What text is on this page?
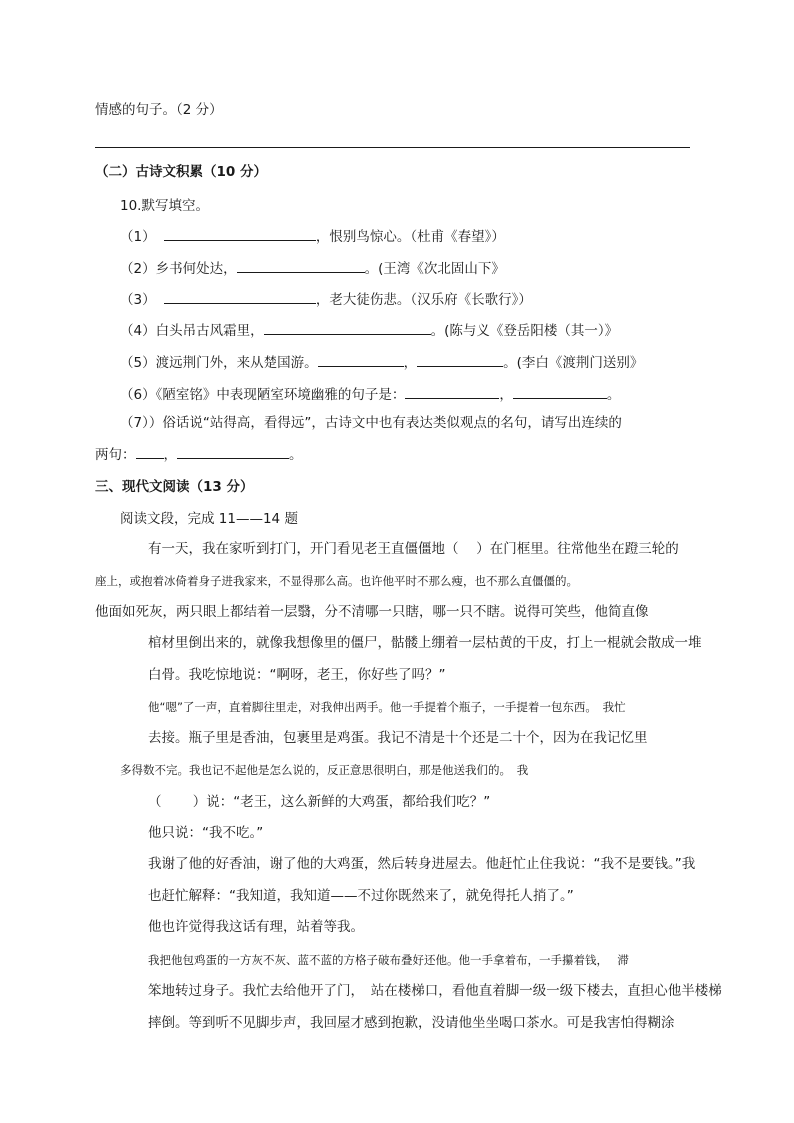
情感的句子。（2 分）
（二）古诗文积累（10 分）
10.默写填空。
（1）	，恨别鸟惊心。（杜甫《春望》）
（2）乡书何处达，	。(王湾《次北固山下》
（3）	，老大徒伤悲。（汉乐府《长歌行》）
（4）白头吊古风霜里，	。(陈与义《登岳阳楼（其一）》
（5）渡远荆门外，来从楚国游。	，	。(李白《渡荆门送别》
（6）《陋室铭》中表现陋室环境幽雅的句子是：	，	。
（7））俗话说“站得高，看得远”，古诗文中也有表达类似观点的名句，请写出连续的
两句： ，	。
三、现代文阅读（13 分）
阅读文段，完成 11——14 题
有一天，我在家听到打门，开门看见老王直僵僵地（　 ）在门框里。往常他坐在蹬三轮的
座上，或抱着冰倚着身子进我家来，不显得那么高。也许他平时不那么瘦，也不那么直僵僵的。
他面如死灰，两只眼上都结着一层翳，分不清哪一只瞎，哪一只不瞎。说得可笑些，他简直像
棺材里倒出来的，就像我想像里的僵尸，骷髅上绷着一层枯黄的干皮，打上一棍就会散成一堆
白骨。我吃惊地说：“啊呀，老王，你好些了吗？”
他“嗯”了一声，直着脚往里走，对我伸出两手。他一手提着个瓶子，一手提着一包东西。　我忙
去接。瓶子里是香油，包裹里是鸡蛋。我记不清是十个还是二十个，因为在我记忆里
多得数不完。我也记不起他是怎么说的，反正意思很明白，那是他送我们的。　我
（　　 ）说：“老王，这么新鲜的大鸡蛋，都给我们吃？”
他只说：“我不吃。”
我谢了他的好香油，谢了他的大鸡蛋，然后转身进屋去。他赶忙止住我说：“我不是要钱。”我
也赶忙解释：“我知道，我知道——不过你既然来了，就免得托人捎了。”
他也许觉得我这话有理，站着等我。
我把他包鸡蛋的一方灰不灰、蓝不蓝的方格子破布叠好还他。他一手拿着布，一手攥着钱，　 滞
笨地转过身子。我忙去给他开了门，　站在楼梯口，看他直着脚一级一级下楼去，直担心他半楼梯
摔倒。等到听不见脚步声，我回屋才感到抱歉，没请他坐坐喝口茶水。可是我害怕得糊涂
